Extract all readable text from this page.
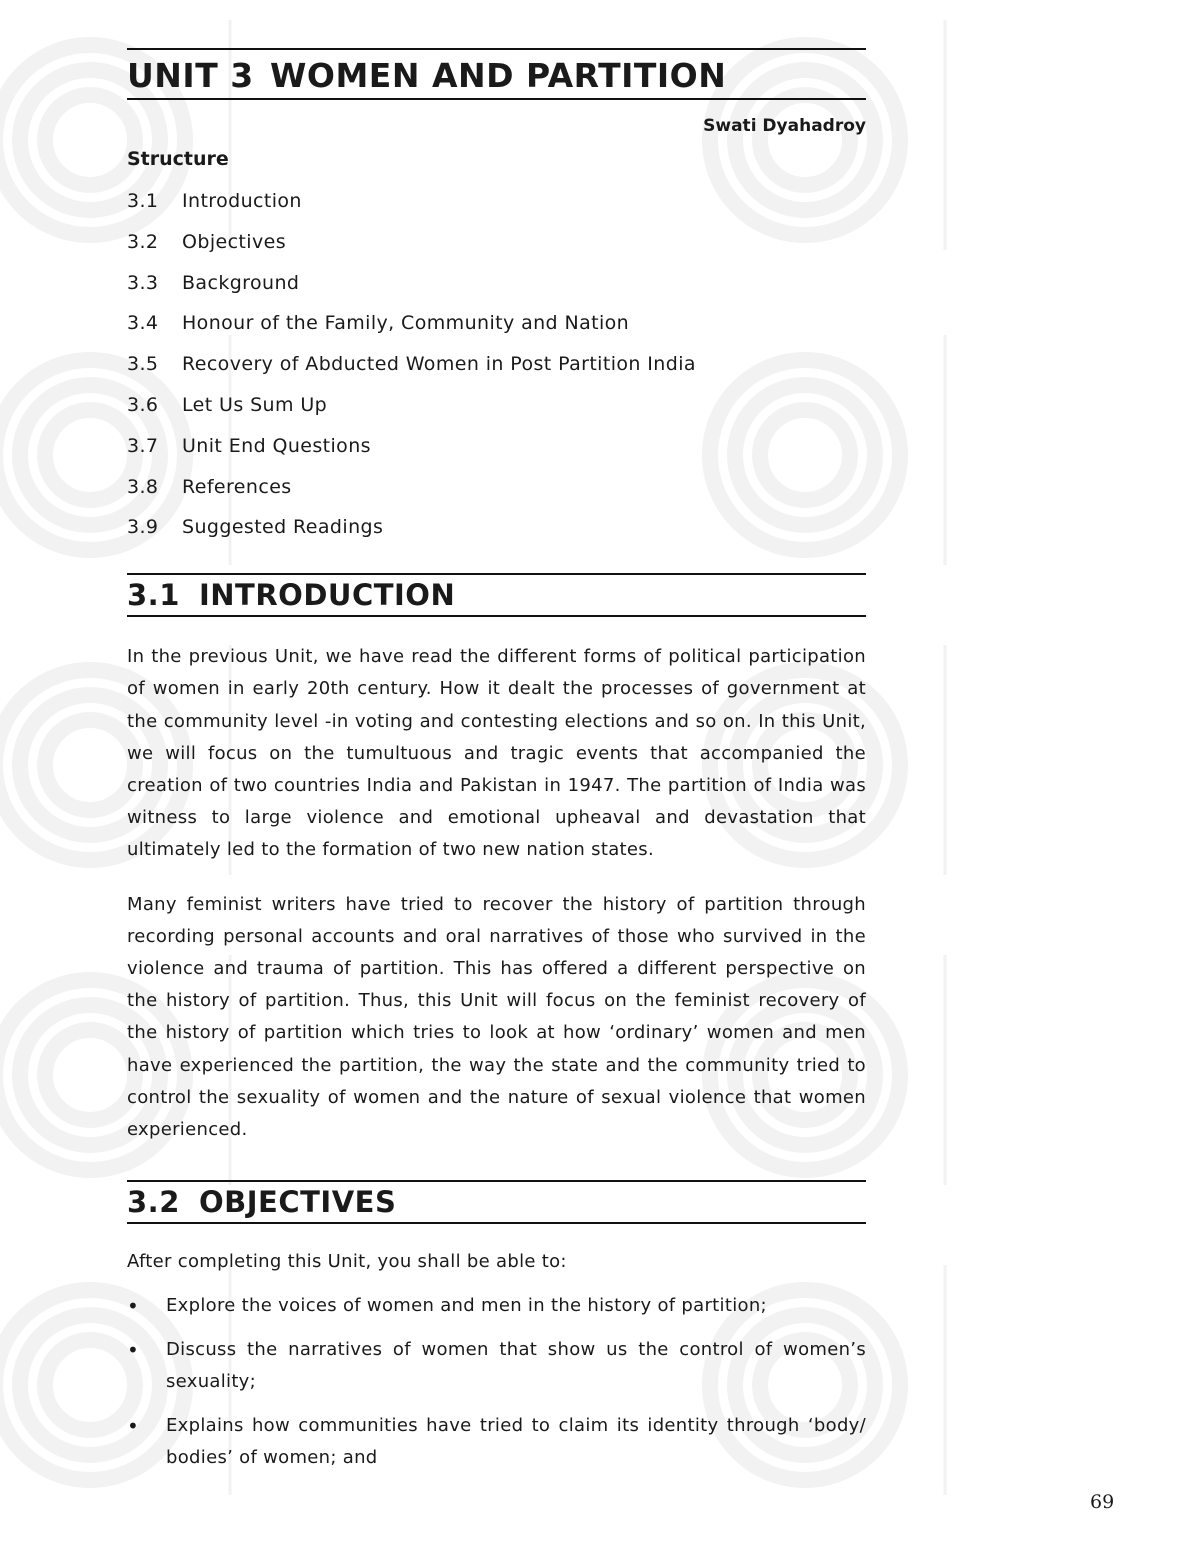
UNIT 3 WOMEN AND PARTITION
Swati Dyahadroy
Structure
3.1	Introduction
3.2	Objectives
3.3	Background
3.4	Honour of the Family, Community and Nation
3.5	Recovery of Abducted Women in Post Partition India
3.6	Let Us Sum Up
3.7	Unit End Questions
3.8	References
3.9	Suggested Readings
3.1 INTRODUCTION

In the previous Unit, we have read the different forms of political participation of women in early 20th century. How it dealt the processes of government at the community level -in voting and contesting elections and so on. In this Unit, we will focus on the tumultuous and tragic events that accompanied the creation of two countries India and Pakistan in 1947. The partition of India was witness to large violence and emotional upheaval and devastation that ultimately led to the formation of two new nation states.

Many feminist writers have tried to recover the history of partition through recording personal accounts and oral narratives of those who survived in the violence and trauma of partition. This has offered a different perspective on the history of partition. Thus, this Unit will focus on the feminist recovery of the history of partition which tries to look at how ‘ordinary’ women and men have experienced the partition, the way the state and the community tried to control the sexuality of women and the nature of sexual violence that women experienced.

3.2 OBJECTIVES

After completing this Unit, you shall be able to:

• Explore the voices of women and men in the history of partition;
• Discuss the narratives of women that show us the control of women’s sexuality;
• Explains how communities have tried to claim its identity through ‘body/ bodies’ of women; and
69
